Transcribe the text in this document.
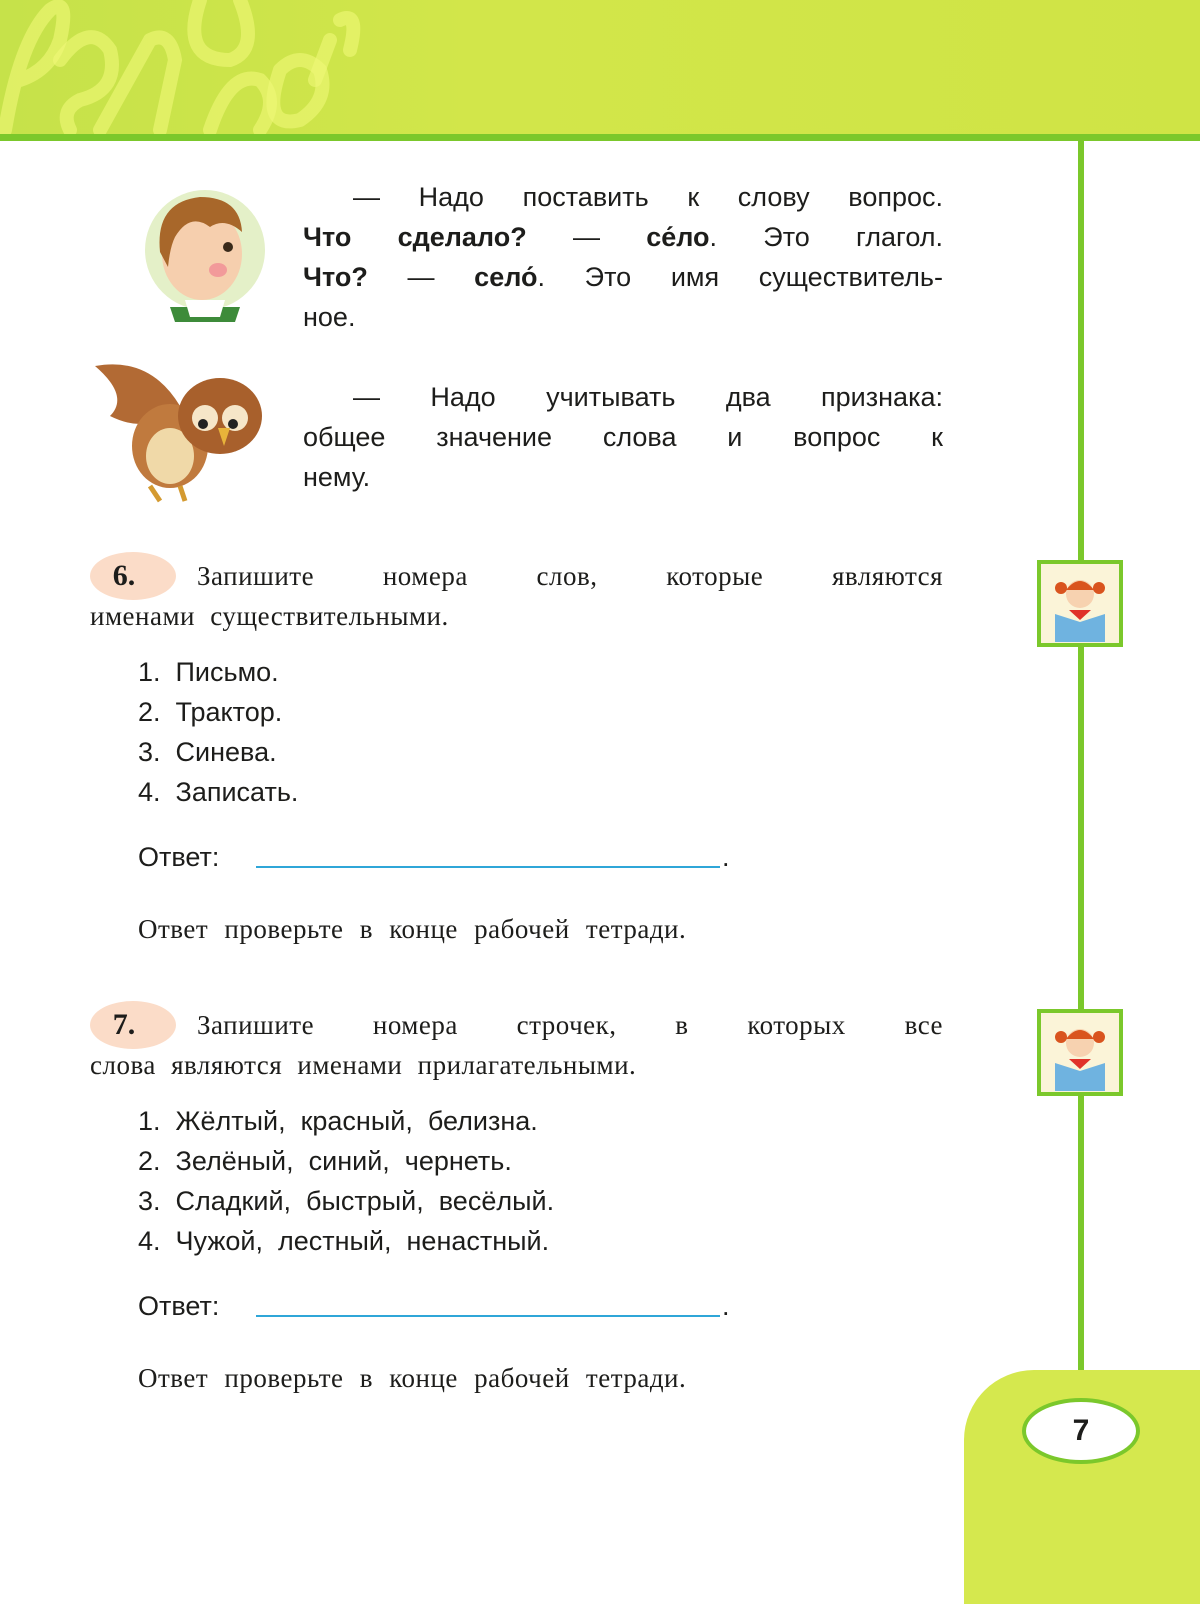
— Надо поставить к слову вопрос.
Что сделало? — се́ло. Это глагол.
Что? — село́. Это имя существитель-
ное.
— Надо учитывать два признака:
общее значение слова и вопрос к
нему.
6. Запишите номера слов, которые являются
именами существительными.
1.  Письмо.
2.  Трактор.
3.  Синева.
4.  Записать.
Ответ:	.
Ответ проверьте в конце рабочей тетради.
7. Запишите номера строчек, в которых все
слова являются именами прилагательными.
1.  Жёлтый,  красный,  белизна.
2.  Зелёный,  синий,  чернеть.
3.  Сладкий,  быстрый,  весёлый.
4.  Чужой,  лестный,  ненастный.
Ответ:	.
Ответ проверьте в конце рабочей тетради.
7
